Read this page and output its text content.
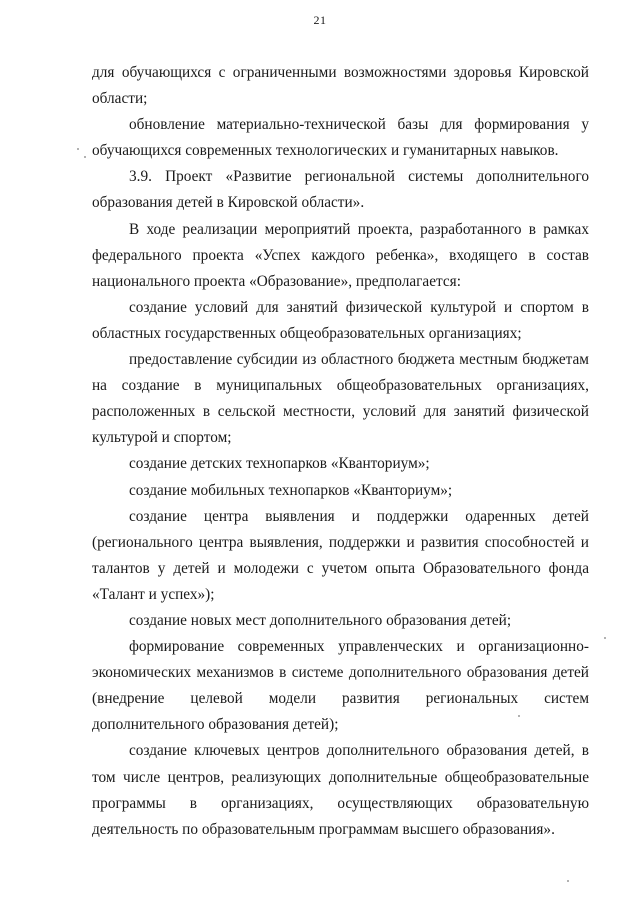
21

для обучающихся с ограниченными возможностями здоровья Кировской области;

обновление материально-технической базы для формирования у обучающихся современных технологических и гуманитарных навыков.

3.9. Проект «Развитие региональной системы дополнительного образования детей в Кировской области».

В ходе реализации мероприятий проекта, разработанного в рамках федерального проекта «Успех каждого ребенка», входящего в состав национального проекта «Образование», предполагается:

создание условий для занятий физической культурой и спортом в областных государственных общеобразовательных организациях;

предоставление субсидии из областного бюджета местным бюджетам на создание в муниципальных общеобразовательных организациях, расположенных в сельской местности, условий для занятий физической культурой и спортом;

создание детских технопарков «Кванториум»;

создание мобильных технопарков «Кванториум»;

создание центра выявления и поддержки одаренных детей (регионального центра выявления, поддержки и развития способностей и талантов у детей и молодежи с учетом опыта Образовательного фонда «Талант и успех»);

создание новых мест дополнительного образования детей;

формирование современных управленческих и организационно-экономических механизмов в системе дополнительного образования детей (внедрение целевой модели развития региональных систем дополнительного образования детей);

создание ключевых центров дополнительного образования детей, в том числе центров, реализующих дополнительные общеобразовательные программы в организациях, осуществляющих образовательную деятельность по образовательным программам высшего образования».
